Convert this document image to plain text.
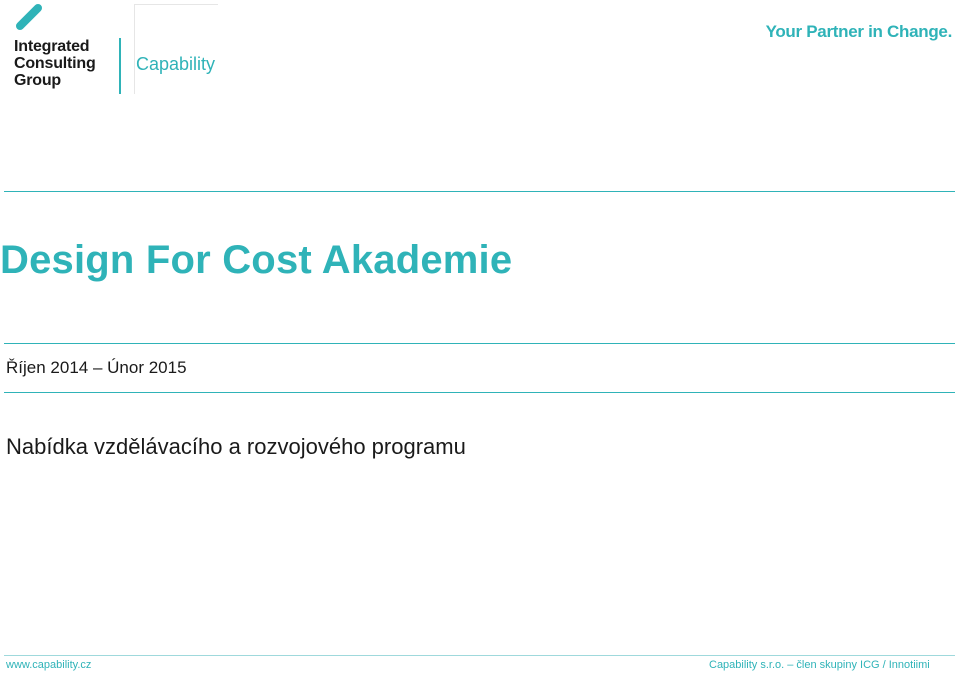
Integrated
Consulting
Group
Capability
Your Partner in Change.
Design For Cost Akademie
Říjen 2014 – Únor 2015
Nabídka vzdělávacího a rozvojového programu
www.capability.cz	Capability s.r.o. – člen skupiny ICG / Innotiimi
